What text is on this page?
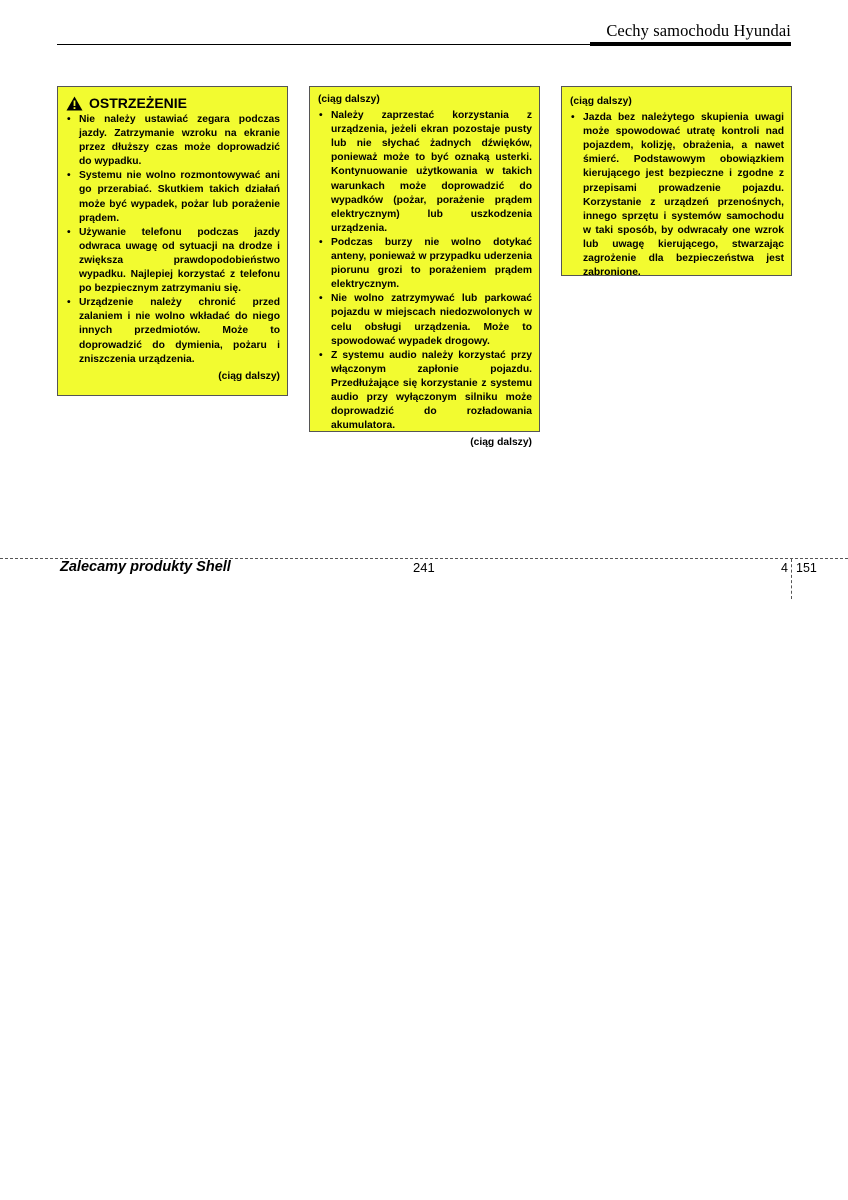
Cechy samochodu Hyundai
OSTRZEŻENIE
• Nie należy ustawiać zegara podczas jazdy. Zatrzymanie wzroku na ekranie przez dłuższy czas może doprowadzić do wypadku.
• Systemu nie wolno rozmontowywać ani go przerabiać. Skutkiem takich działań może być wypadek, pożar lub porażenie prądem.
• Używanie telefonu podczas jazdy odwraca uwagę od sytuacji na drodze i zwiększa prawdopodobieństwo wypadku. Najlepiej korzystać z telefonu po bezpiecznym zatrzymaniu się.
• Urządzenie należy chronić przed zalaniem i nie wolno wkładać do niego innych przedmiotów. Może to doprowadzić do dymienia, pożaru i zniszczenia urządzenia.
(ciąg dalszy)
(ciąg dalszy)
• Należy zaprzestać korzystania z urządzenia, jeżeli ekran pozostaje pusty lub nie słychać żadnych dźwięków, ponieważ może to być oznaką usterki. Kontynuowanie użytkowania w takich warunkach może doprowadzić do wypadków (pożar, porażenie prądem elektrycznym) lub uszkodzenia urządzenia.
• Podczas burzy nie wolno dotykać anteny, ponieważ w przypadku uderzenia piorunu grozi to porażeniem prądem elektrycznym.
• Nie wolno zatrzymywać lub parkować pojazdu w miejscach niedozwolonych w celu obsługi urządzenia. Może to spowodować wypadek drogowy.
• Z systemu audio należy korzystać przy włączonym zapłonie pojazdu. Przedłużające się korzystanie z systemu audio przy wyłączonym silniku może doprowadzić do rozładowania akumulatora.
(ciąg dalszy)
(ciąg dalszy)
• Jazda bez należytego skupienia uwagi może spowodować utratę kontroli nad pojazdem, kolizję, obrażenia, a nawet śmierć. Podstawowym obowiązkiem kierującego jest bezpieczne i zgodne z przepisami prowadzenie pojazdu. Korzystanie z urządzeń przenośnych, innego sprzętu i systemów samochodu w taki sposób, by odwracały one wzrok lub uwagę kierującego, stwarzając zagrożenie dla bezpieczeństwa jest zabronione.
Zalecamy produkty Shell	241	4 151
